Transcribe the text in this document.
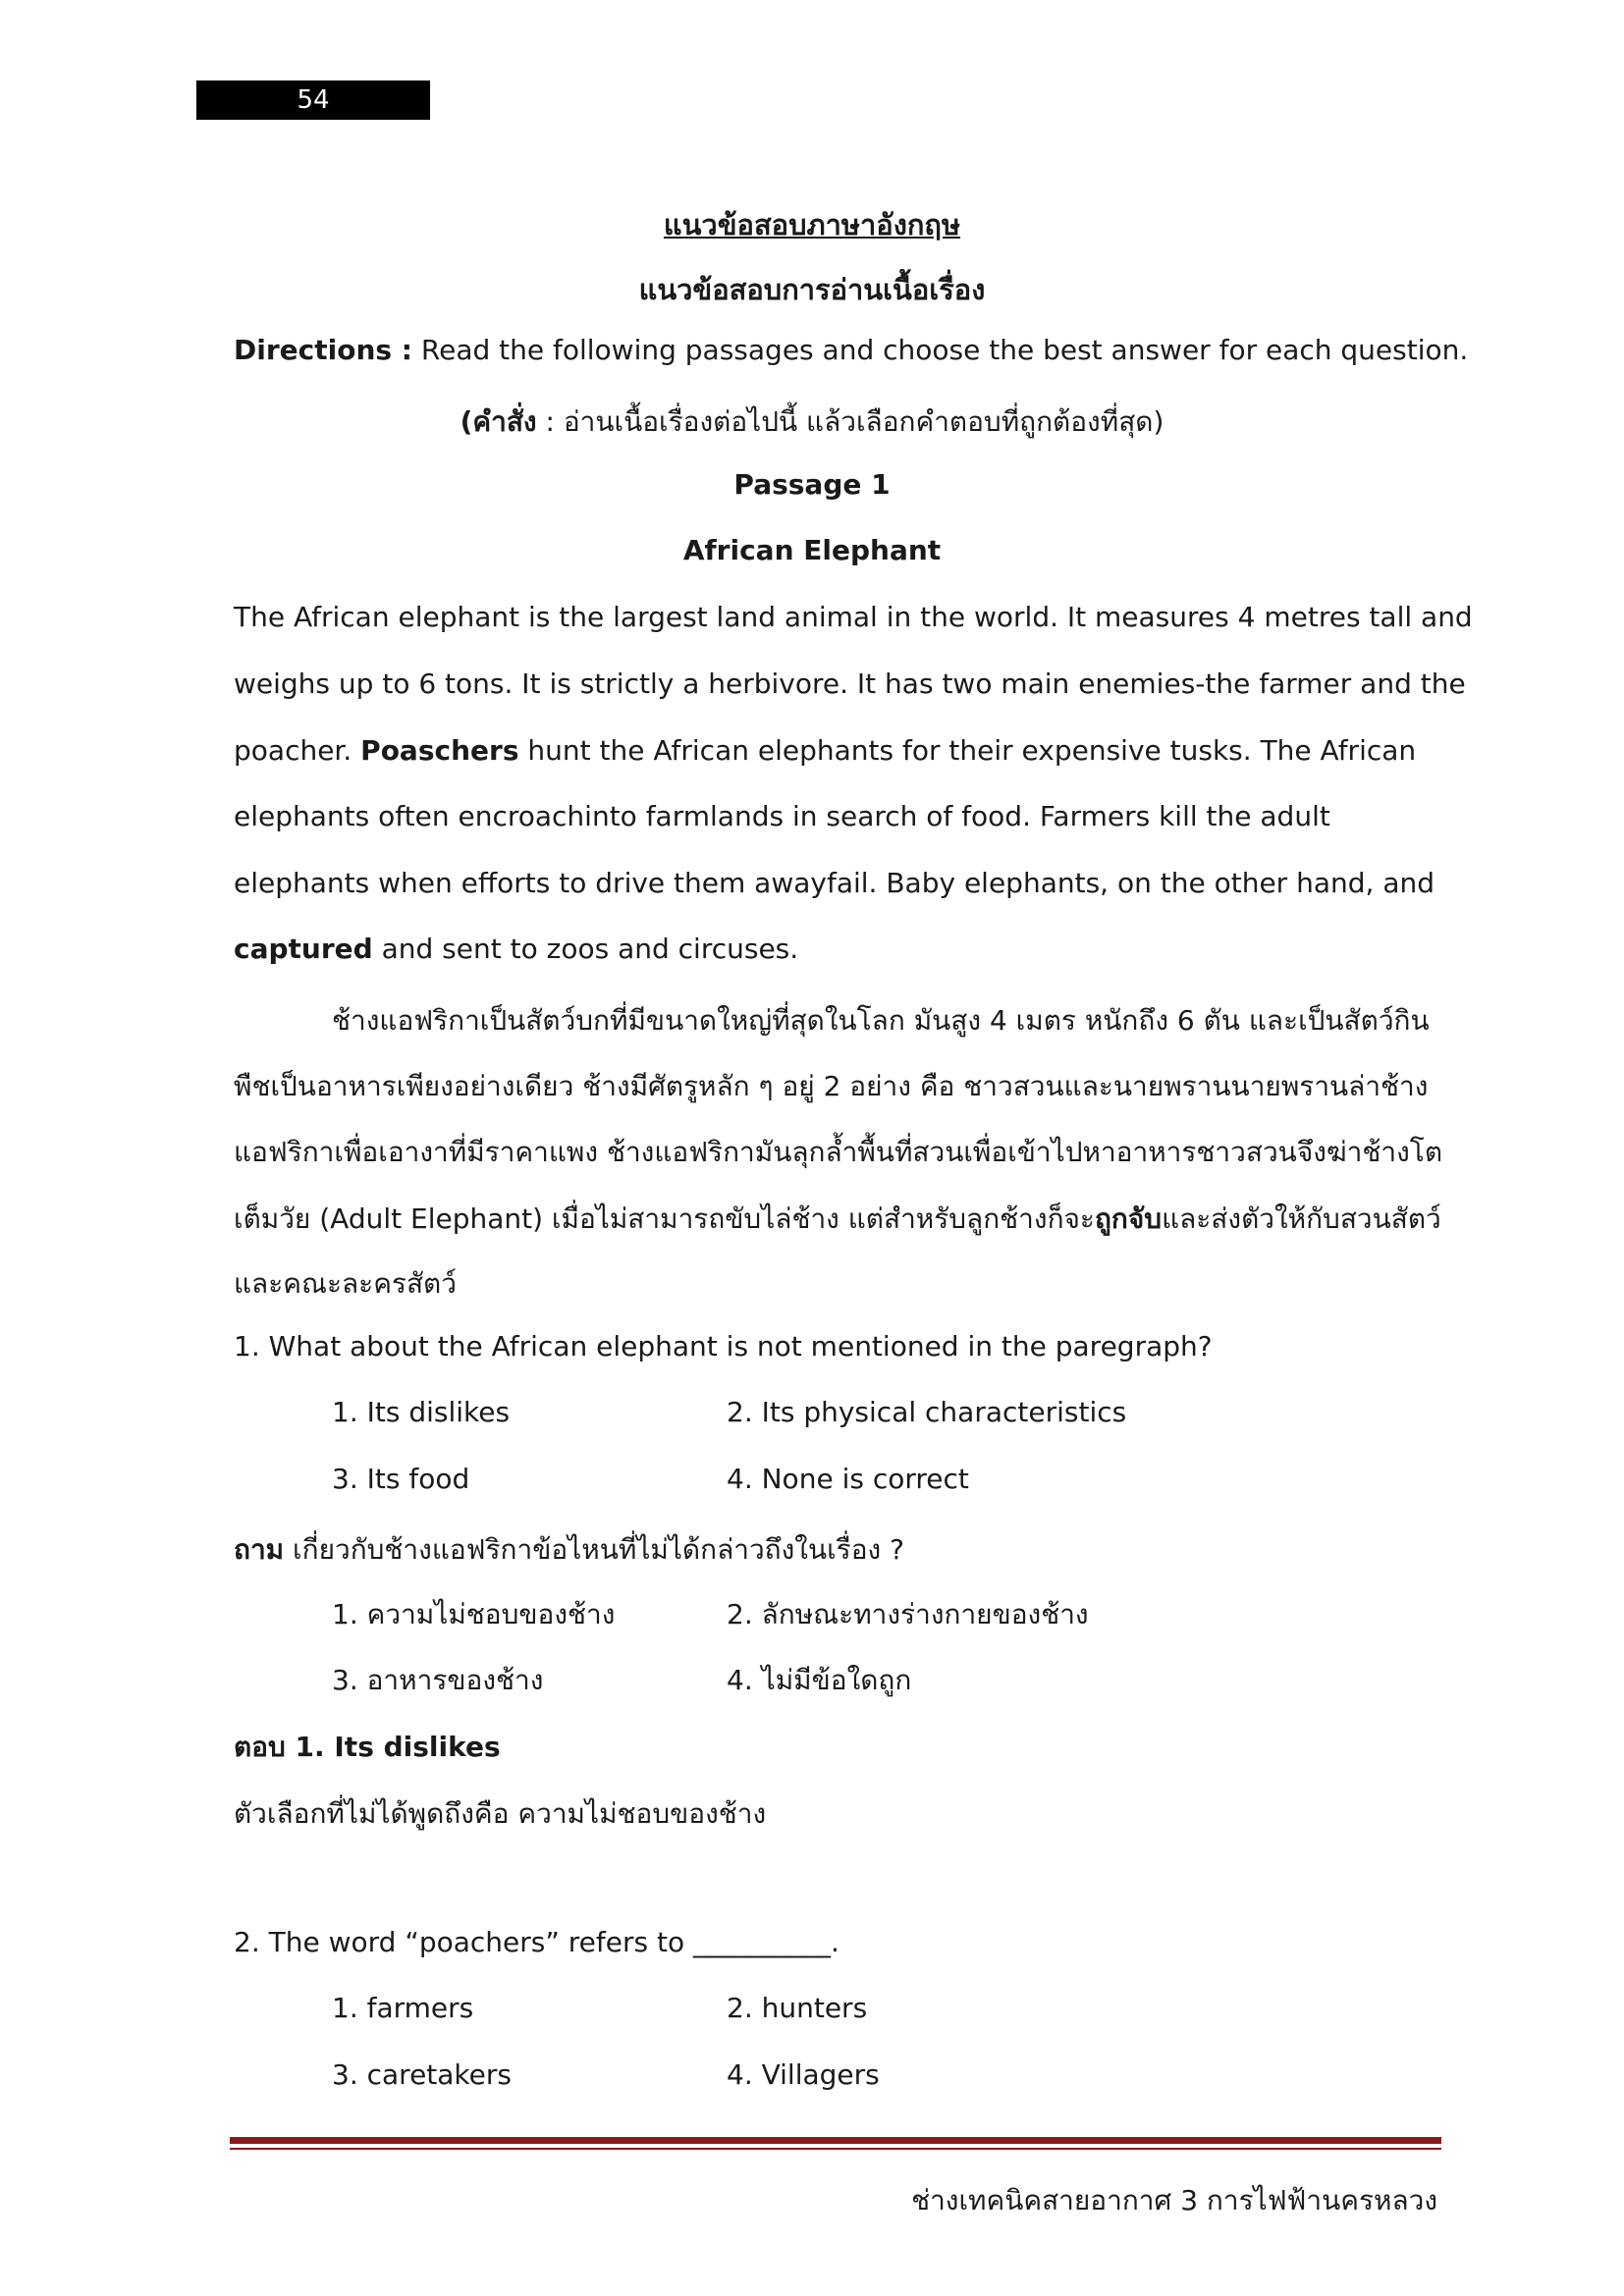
54
แนวข้อสอบภาษาอังกฤษ
แนวข้อสอบการอ่านเนื้อเรื่อง
Directions : Read the following passages and choose the best answer for each question.
(คำสั่ง : อ่านเนื้อเรื่องต่อไปนี้ แล้วเลือกคำตอบที่ถูกต้องที่สุด)
Passage 1
African Elephant
The African elephant is the largest land animal in the world. It measures 4 metres tall and
weighs up to 6 tons. It is strictly a herbivore. It has two main enemies-the farmer and the
poacher. Poaschers hunt the African elephants for their expensive tusks. The African
elephants often encroachinto farmlands in search of food. Farmers kill the adult
elephants when efforts to drive them awayfail. Baby elephants, on the other hand, and
captured and sent to zoos and circuses.
ช้างแอฟริกาเป็นสัตว์บกที่มีขนาดใหญ่ที่สุดในโลก มันสูง 4 เมตร หนักถึง 6 ตัน และเป็นสัตว์กิน
พืชเป็นอาหารเพียงอย่างเดียว ช้างมีศัตรูหลัก ๆ อยู่ 2 อย่าง คือ ชาวสวนและนายพรานนายพรานล่าช้าง
แอฟริกาเพื่อเอางาที่มีราคาแพง ช้างแอฟริกามันลุกล้ำพื้นที่สวนเพื่อเข้าไปหาอาหารชาวสวนจึงฆ่าช้างโต
เต็มวัย (Adult Elephant) เมื่อไม่สามารถขับไล่ช้าง แต่สำหรับลูกช้างก็จะถูกจับและส่งตัวให้กับสวนสัตว์
และคณะละครสัตว์
1. What about the African elephant is not mentioned in the paregraph?
1. Its dislikes	2. Its physical characteristics
3. Its food	4. None is correct
ถาม เกี่ยวกับช้างแอฟริกาข้อไหนที่ไม่ได้กล่าวถึงในเรื่อง ?
1. ความไม่ชอบของช้าง	2. ลักษณะทางร่างกายของช้าง
3. อาหารของช้าง	4. ไม่มีข้อใดถูก
ตอบ 1. Its dislikes
ตัวเลือกที่ไม่ได้พูดถึงคือ ความไม่ชอบของช้าง
2. The word “poachers” refers to __________.
1. farmers	2. hunters
3. caretakers	4. Villagers
ช่างเทคนิคสายอากาศ 3 การไฟฟ้านครหลวง
